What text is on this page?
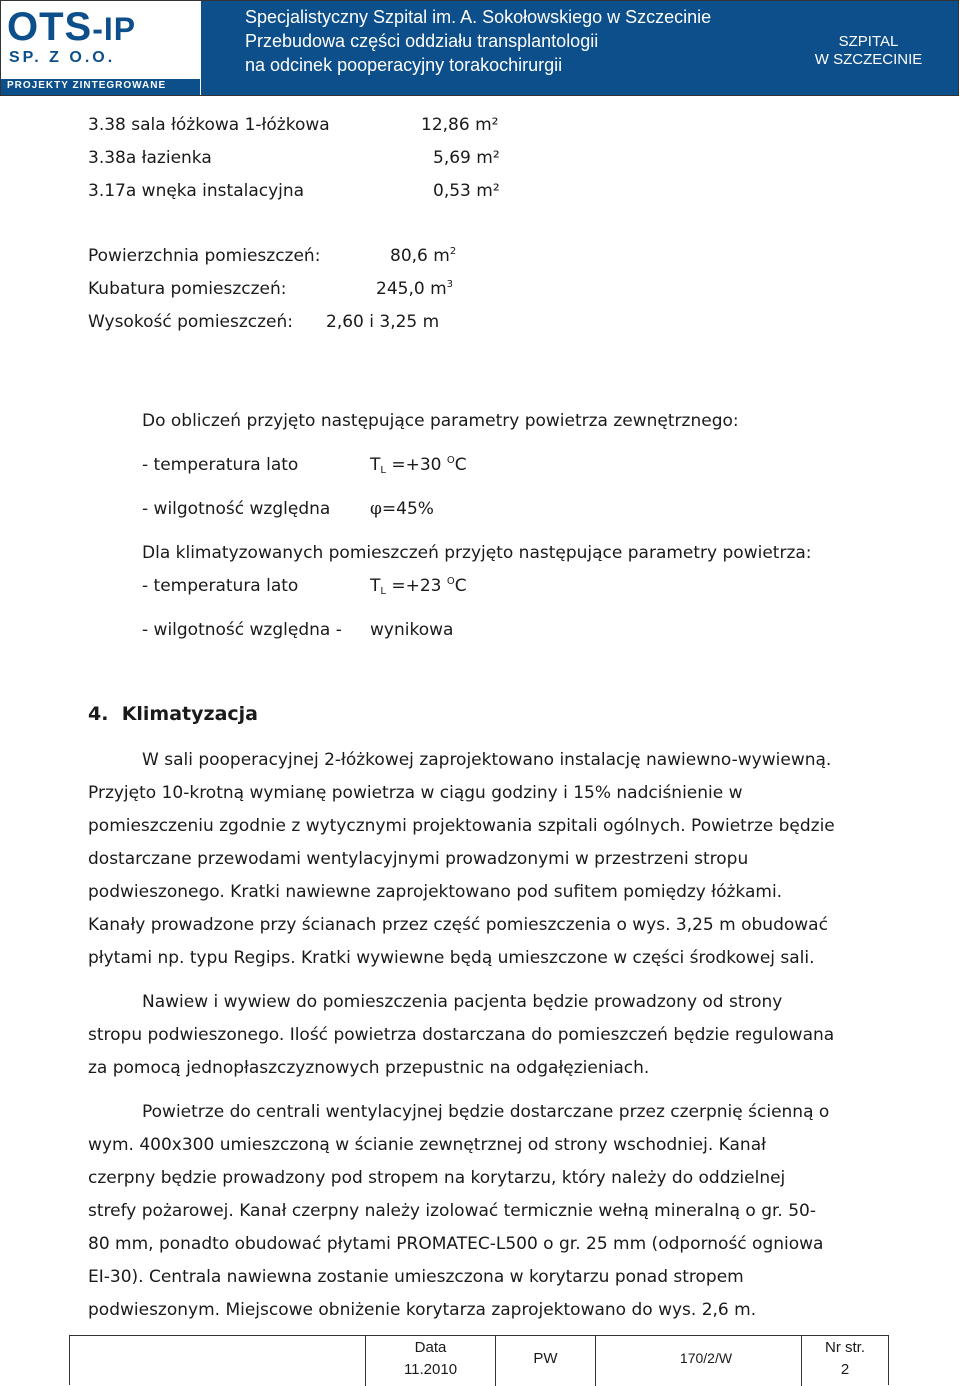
OTS-IP
SP. Z O.O.
PROJEKTY ZINTEGROWANE
Specjalistyczny Szpital im. A. Sokołowskiego w Szczecinie
Przebudowa części oddziału transplantologii
na odcinek pooperacyjny torakochirurgii
SZPITAL
W SZCZECINIE
3.38 sala łóżkowa 1-łóżkowa	12,86 m²
3.38a łazienka	5,69 m²
3.17a wnęka instalacyjna	0,53 m²
Powierzchnia pomieszczeń:	80,6 $m^2$
Kubatura pomieszczeń:	245,0 $m^3$
Wysokość pomieszczeń: 2,60 i 3,25 m
Do obliczeń przyjęto następujące parametry powietrza zewnętrznego:
- temperatura lato	TL =+30 $^O$C
- wilgotność względna φ=45%
Dla klimatyzowanych pomieszczeń przyjęto następujące parametry powietrza:
- temperatura lato	TL =+23 $^O$C
- wilgotność względna - wynikowa
4. Klimatyzacja
W sali pooperacyjnej 2-łóżkowej zaprojektowano instalację nawiewno-wywiewną.
Przyjęto 10-krotną wymianę powietrza w ciągu godziny i 15% nadciśnienie w
pomieszczeniu zgodnie z wytycznymi projektowania szpitali ogólnych. Powietrze będzie
dostarczane przewodami wentylacyjnymi prowadzonymi w przestrzeni stropu
podwieszonego. Kratki nawiewne zaprojektowano pod sufitem pomiędzy łóżkami.
Kanały prowadzone przy ścianach przez część pomieszczenia o wys. 3,25 m obudować
płytami np. typu Regips. Kratki wywiewne będą umieszczone w części środkowej sali.
Nawiew i wywiew do pomieszczenia pacjenta będzie prowadzony od strony
stropu podwieszonego. Ilość powietrza dostarczana do pomieszczeń będzie regulowana
za pomocą jednopłaszczyznowych przepustnic na odgałęzieniach.
Powietrze do centrali wentylacyjnej będzie dostarczane przez czerpnię ścienną o
wym. 400x300 umieszczoną w ścianie zewnętrznej od strony wschodniej. Kanał
czerpny będzie prowadzony pod stropem na korytarzu, który należy do oddzielnej
strefy pożarowej. Kanał czerpny należy izolować termicznie wełną mineralną o gr. 50-
80 mm, ponadto obudować płytami PROMATEC-L500 o gr. 25 mm (odporność ogniowa
EI-30). Centrala nawiewna zostanie umieszczona w korytarzu ponad stropem
podwieszonym. Miejscowe obniżenie korytarza zaprojektowano do wys. 2,6 m.
Data
11.2010
PW	170/2/W
Nr str.
2
